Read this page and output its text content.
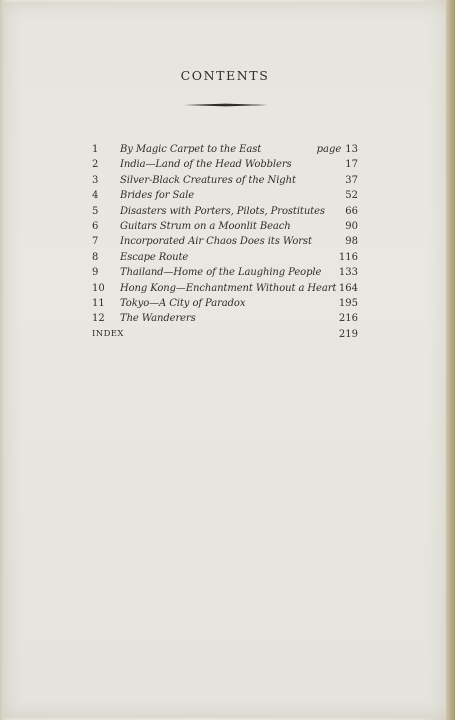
CONTENTS
1	By Magic Carpet to the East	page 13
2	India—Land of the Head Wobblers	17
3	Silver-Black Creatures of the Night	37
4	Brides for Sale	52
5	Disasters with Porters, Pilots, Prostitutes 66
6	Guitars Strum on a Moonlit Beach	90
7	Incorporated Air Chaos Does its Worst	98
8	Escape Route	116
9	Thailand—Home of the Laughing People 133
10	Hong Kong—Enchantment Without a Heart 164
11	Tokyo—A City of Paradox	195
12	The Wanderers	216
INDEX	219
